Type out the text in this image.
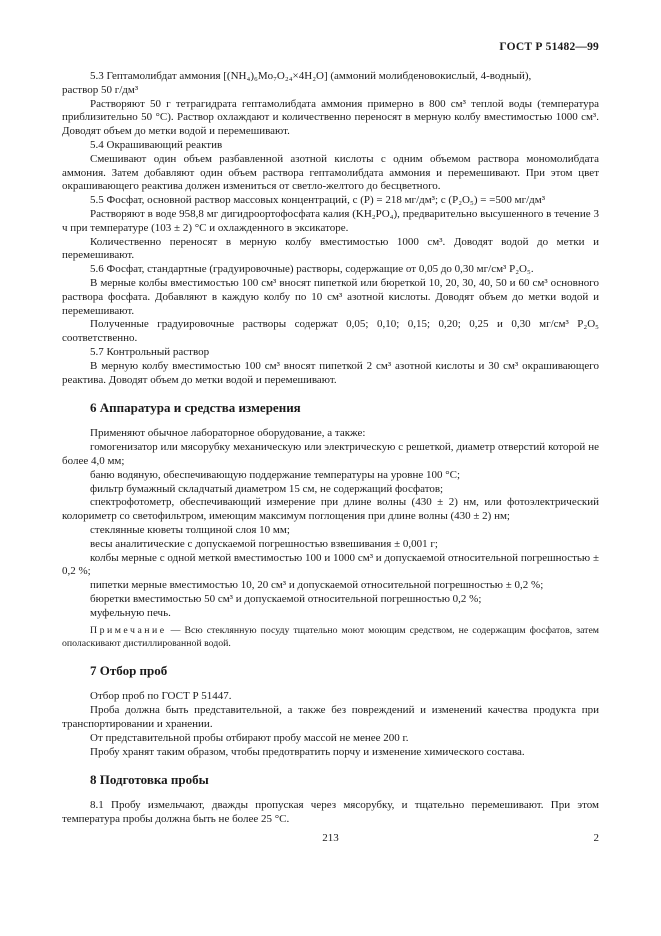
ГОСТ Р 51482—99

5.3 Гептамолибдат аммония [(NH₄)₆Mo₇O₂₄×4H₂O] (аммоний молибденовокислый, 4-водный),

раствор 50 г/дм³

Растворяют 50 г тетрагидрата гептамолибдата аммония примерно в 800 см³ теплой воды (температура приблизительно 50 °С). Раствор охлаждают и количественно переносят в мерную колбу вместимостью 1000 см³. Доводят объем до метки водой и перемешивают.

5.4 Окрашивающий реактив

Смешивают один объем разбавленной азотной кислоты с одним объемом раствора мономолибдата аммония. Затем добавляют один объем раствора гептамолибдата аммония и перемешивают. При этом цвет окрашивающего реактива должен измениться от светло-желтого до бесцветного.

5.5 Фосфат, основной раствор массовых концентраций, c (P) = 218 мг/дм³; c (P₂O₅) = =500 мг/дм³

Растворяют в воде 958,8 мг дигидроортофосфата калия (KH₂PO₄), предварительно высушенного в течение 3 ч при температуре (103 ± 2) °С и охлажденного в эксикаторе.

Количественно переносят в мерную колбу вместимостью 1000 см³. Доводят водой до метки и перемешивают.

5.6 Фосфат, стандартные (градуировочные) растворы, содержащие от 0,05 до 0,30 мг/см³ P₂O₅.

В мерные колбы вместимостью 100 см³ вносят пипеткой или бюреткой 10, 20, 30, 40, 50 и 60 см³ основного раствора фосфата. Добавляют в каждую колбу по 10 см³ азотной кислоты. Доводят объем до метки водой и перемешивают.

Полученные градуировочные растворы содержат 0,05; 0,10; 0,15; 0,20; 0,25 и 0,30 мг/см³ P₂O₅ соответственно.

5.7 Контрольный раствор

В мерную колбу вместимостью 100 см³ вносят пипеткой 2 см³ азотной кислоты и 30 см³ окрашивающего реактива. Доводят объем до метки водой и перемешивают.

6 Аппаратура и средства измерения

Применяют обычное лабораторное оборудование, а также:

гомогенизатор или мясорубку механическую или электрическую с решеткой, диаметр отверстий которой не более 4,0 мм;

баню водяную, обеспечивающую поддержание температуры на уровне 100 °С;

фильтр бумажный складчатый диаметром 15 см, не содержащий фосфатов;

спектрофотометр, обеспечивающий измерение при длине волны (430 ± 2) нм, или фотоэлектрический колориметр со светофильтром, имеющим максимум поглощения при длине волны (430 ± 2) нм;

стеклянные кюветы толщиной слоя 10 мм;

весы аналитические с допускаемой погрешностью взвешивания ± 0,001 г;

колбы мерные с одной меткой вместимостью 100 и 1000 см³ и допускаемой относительной погрешностью ± 0,2 %;

пипетки мерные вместимостью 10, 20 см³ и допускаемой относительной погрешностью ± 0,2 %;

бюретки вместимостью 50 см³ и допускаемой относительной погрешностью 0,2 %;

муфельную печь.

Примечание — Всю стеклянную посуду тщательно моют моющим средством, не содержащим фосфатов, затем ополаскивают дистиллированной водой.

7 Отбор проб

Отбор проб по ГОСТ Р 51447.

Проба должна быть представительной, а также без повреждений и изменений качества продукта при транспортировании и хранении.

От представительной пробы отбирают пробу массой не менее 200 г.

Пробу хранят таким образом, чтобы предотвратить порчу и изменение химического состава.

8 Подготовка пробы

8.1 Пробу измельчают, дважды пропуская через мясорубку, и тщательно перемешивают. При этом температура пробы должна быть не более 25 °С.

213	2
